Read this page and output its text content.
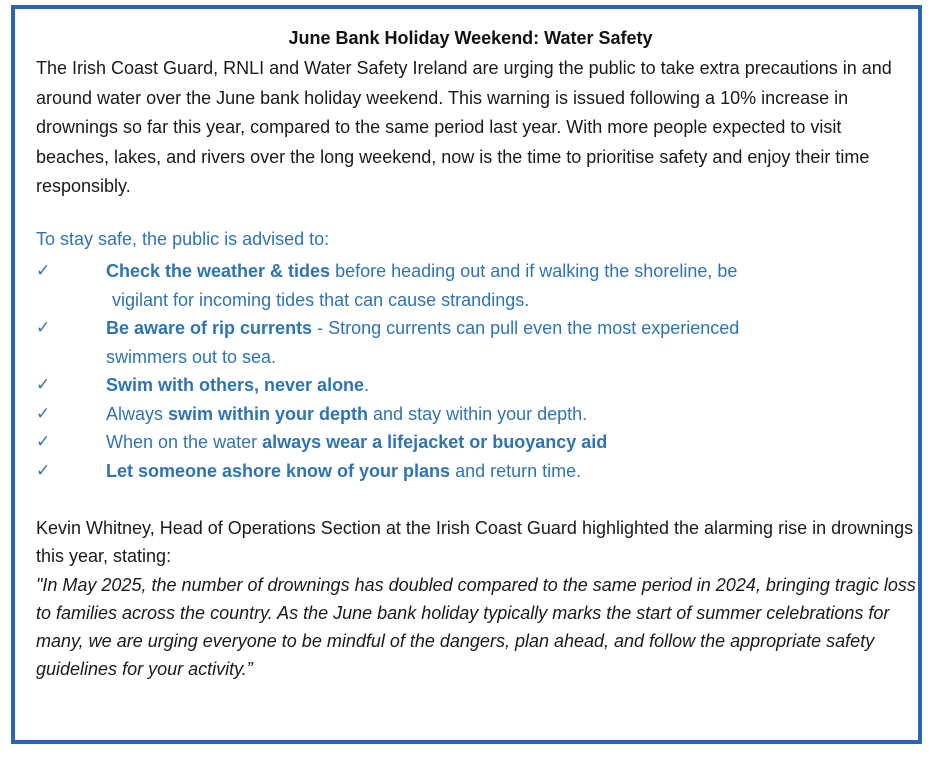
June Bank Holiday Weekend: Water Safety

The Irish Coast Guard, RNLI and Water Safety Ireland are urging the public to take extra precautions in and around water over the June bank holiday weekend. This warning is issued following a 10% increase in drownings so far this year, compared to the same period last year. With more people expected to visit beaches, lakes, and rivers over the long weekend, now is the time to prioritise safety and enjoy their time responsibly.

To stay safe, the public is advised to:
✓	Check the weather & tides before heading out and if walking the shoreline, be
vigilant for incoming tides that can cause strandings.
✓	Be aware of rip currents - Strong currents can pull even the most experienced
swimmers out to sea.
✓	Swim with others, never alone.
✓	Always swim within your depth and stay within your depth.
✓	When on the water always wear a lifejacket or buoyancy aid
✓	Let someone ashore know of your plans and return time.

Kevin Whitney, Head of Operations Section at the Irish Coast Guard highlighted the alarming rise in drownings this year, stating:

"In May 2025, the number of drownings has doubled compared to the same period in 2024, bringing tragic loss to families across the country. As the June bank holiday typically marks the start of summer celebrations for many, we are urging everyone to be mindful of the dangers, plan ahead, and follow the appropriate safety guidelines for your activity.”
